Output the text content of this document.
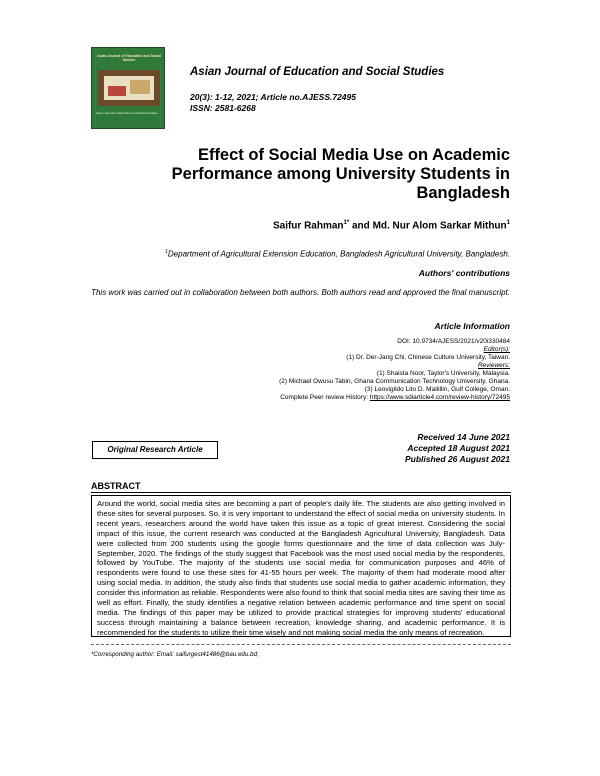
Asian Journal of Education and Social Studies
Asian Journal of Education and Social Studies
Asian Journal of Education and Social Studies
20(3): 1-12, 2021; Article no.AJESS.72495
ISSN: 2581-6268
Effect of Social Media Use on Academic
Performance among University Students in
Bangladesh
Saifur Rahman$^{1*}$ and Md. Nur Alom Sarkar Mithun$^1$
$^1$Department of Agricultural Extension Education, Bangladesh Agricultural University, Bangladesh.
Authors' contributions
This work was carried out in collaboration between both authors. Both authors read and approved the final manuscript.
Article Information
DOI: 10.9734/AJESS/2021/v20i330484
Editor(s):
(1) Dr. Der-Jang Chi, Chinese Culture University, Taiwan.
Reviewers:
(1) Shaista Noor, Taylor's University, Malaysia.
(2) Michael Owusu Tabiri, Ghana Communication Technology University, Ghana.
(3) Leovigildo Lito D. Mallillin, Gulf College, Oman.
Complete Peer review History: https://www.sdiarticle4.com/review-history/72495
Original Research Article
Received 14 June 2021
Accepted 18 August 2021
Published 26 August 2021
ABSTRACT
Around the world, social media sites are becoming a part of people's daily life. The students are also getting involved in these sites for several purposes. So, it is very important to understand the effect of social media on university students. In recent years, researchers around the world have taken this issue as a topic of great interest. Considering the social impact of this issue, the current research was conducted at the Bangladesh Agricultural University, Bangladesh. Data were collected from 200 students using the google forms questionnaire and the time of data collection was July-September, 2020. The findings of the study suggest that Facebook was the most used social media by the respondents, followed by YouTube. The majority of the students use social media for communication purposes and 46% of respondents were found to use these sites for 41-55 hours per week. The majority of them had moderate mood after using social media. In addition, the study also finds that students use social media to gather academic information, they consider this information as reliable. Respondents were also found to think that social media sites are saving their time as well as effort. Finally, the study identifies a negative relation between academic performance and time spent on social media. The findings of this paper may be utilized to provide practical strategies for improving students' educational success through maintaining a balance between recreation, knowledge sharing, and academic performance. It is recommended for the students to utilize their time wisely and not making social media the only means of recreation.
*Corresponding author: Email: saifurgest41486@bau.edu.bd;
